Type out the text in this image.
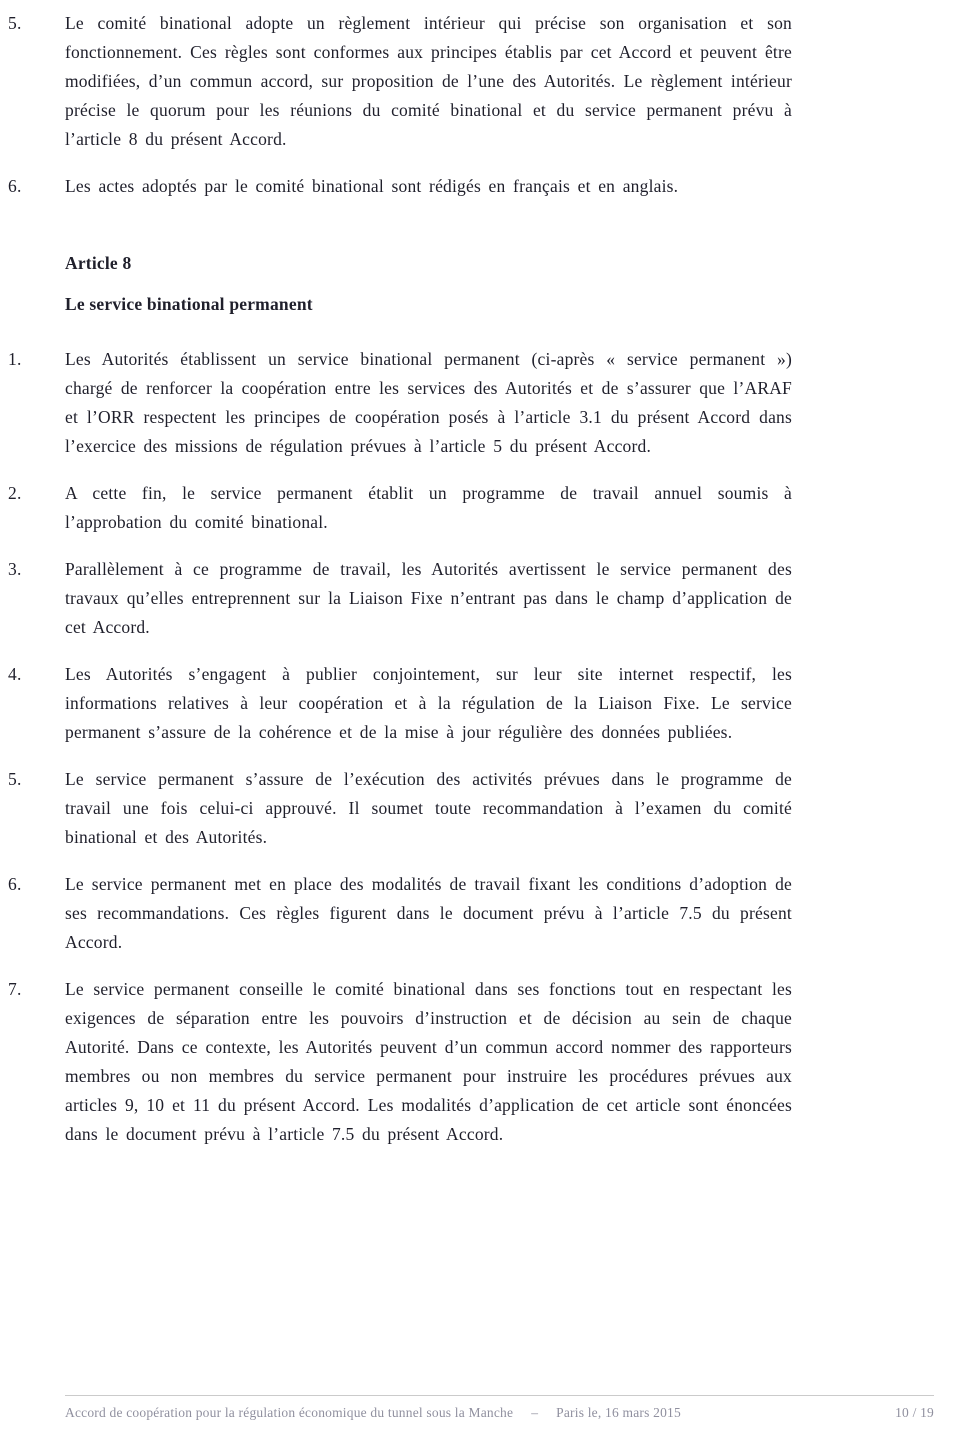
5. Le comité binational adopte un règlement intérieur qui précise son organisation et son fonctionnement. Ces règles sont conformes aux principes établis par cet Accord et peuvent être modifiées, d’un commun accord, sur proposition de l’une des Autorités. Le règlement intérieur précise le quorum pour les réunions du comité binational et du service permanent prévu à l’article 8 du présent Accord.

6. Les actes adoptés par le comité binational sont rédigés en français et en anglais.

Article 8

Le service binational permanent

1. Les Autorités établissent un service binational permanent (ci-après « service permanent ») chargé de renforcer la coopération entre les services des Autorités et de s’assurer que l’ARAF et l’ORR respectent les principes de coopération posés à l’article 3.1 du présent Accord dans l’exercice des missions de régulation prévues à l’article 5 du présent Accord.

2. A cette fin, le service permanent établit un programme de travail annuel soumis à l’approbation du comité binational.

3. Parallèlement à ce programme de travail, les Autorités avertissent le service permanent des travaux qu’elles entreprennent sur la Liaison Fixe n’entrant pas dans le champ d’application de cet Accord.

4. Les Autorités s’engagent à publier conjointement, sur leur site internet respectif, les informations relatives à leur coopération et à la régulation de la Liaison Fixe. Le service permanent s’assure de la cohérence et de la mise à jour régulière des données publiées.

5. Le service permanent s’assure de l’exécution des activités prévues dans le programme de travail une fois celui-ci approuvé. Il soumet toute recommandation à l’examen du comité binational et des Autorités.

6. Le service permanent met en place des modalités de travail fixant les conditions d’adoption de ses recommandations. Ces règles figurent dans le document prévu à l’article 7.5 du présent Accord.

7. Le service permanent conseille le comité binational dans ses fonctions tout en respectant les exigences de séparation entre les pouvoirs d’instruction et de décision au sein de chaque Autorité. Dans ce contexte, les Autorités peuvent d’un commun accord nommer des rapporteurs membres ou non membres du service permanent pour instruire les procédures prévues aux articles 9, 10 et 11 du présent Accord. Les modalités d’application de cet article sont énoncées dans le document prévu à l’article 7.5 du présent Accord.

Accord de coopération pour la régulation économique du tunnel sous la Manche – Paris le, 16 mars 2015	10 / 19
